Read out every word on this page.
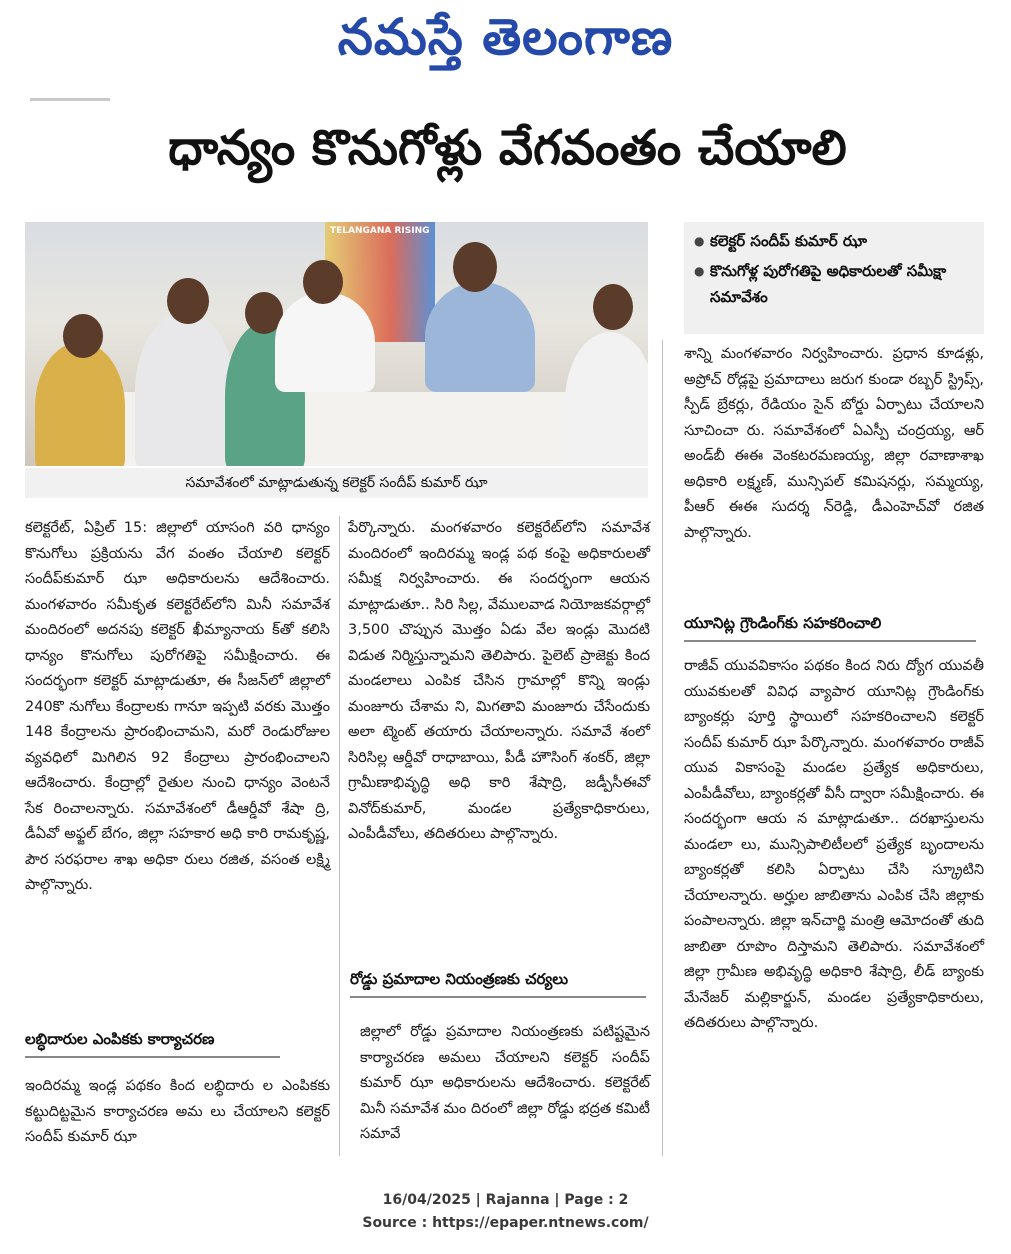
నమస్తే తెలంగాణ
ధాన్యం కొనుగోళ్లు వేగవంతం చేయాలి
TELANGANA RISING
సమావేశంలో మాట్లాడుతున్న కలెక్టర్ సందీప్ కుమార్ ఝా
● కలెక్టర్ సందీప్ కుమార్ ఝా
● కొనుగోళ్ల పురోగతిపై అధికారులతో సమీక్షా సమావేశం

కలెక్టరేట్, ఏప్రిల్ 15: జిల్లాలో యాసంగి వరి ధాన్యం కొనుగోలు ప్రక్రియను వేగ వంతం చేయాలి కలెక్టర్ సందీప్‌కుమార్ ఝా అధికారులను ఆదేశించారు. మంగళవారం సమీకృత కలెక్టరేట్‌లోని మినీ సమావేశ మందిరంలో అదనపు కలెక్టర్ ఖీమ్యానాయ క్‌తో కలిసి ధాన్యం కొనుగోలు పురోగతిపై సమీక్షించారు. ఈ సందర్భంగా కలెక్టర్ మాట్లాడుతూ, ఈ సీజన్‌లో జిల్లాలో 240కొ నుగోలు కేంద్రాలకు గానూ ఇప్పటి వరకు మొత్తం 148 కేంద్రాలను ప్రారంభించామని, మరో రెండురోజుల వ్యవధిలో మిగిలిన 92 కేంద్రాలు ప్రారంభించాలని ఆదేశించారు. కేంద్రాల్లో రైతుల నుంచి ధాన్యం వెంటనే సేక రించాలన్నారు. సమావేశంలో డీఆర్డీవో శేషా ద్రి, డీఏవో అఫ్జల్ బేగం, జిల్లా సహకార అధి కారి రామకృష్ణ, పౌర సరఫరాల శాఖ అధికా రులు రజిత, వసంత లక్ష్మి పాల్గొన్నారు.

లబ్ధిదారుల ఎంపికకు కార్యాచరణ

ఇందిరమ్మ ఇండ్ల పథకం కింద లబ్ధిదారు ల ఎంపికకు కట్టుదిట్టమైన కార్యాచరణ అమ లు చేయాలని కలెక్టర్ సందీప్ కుమార్ ఝా

పేర్కొన్నారు. మంగళవారం కలెక్టరేట్‌లోని సమావేశ మందిరంలో ఇందిరమ్మ ఇండ్ల పథ కంపై అధికారులతో సమీక్ష నిర్వహించారు. ఈ సందర్భంగా ఆయన మాట్లాడుతూ.. సిరి సిల్ల, వేములవాడ నియోజకవర్గాల్లో 3,500 చొప్పున మొత్తం ఏడు వేల ఇండ్లు మొదటి విడుత నిర్మిస్తున్నామని తెలిపారు. పైలెట్ ప్రాజెక్టు కింద మండలాలు ఎంపిక చేసిన గ్రామాల్లో కొన్ని ఇండ్లు మంజూరు చేశామ ని, మిగతావి మంజూరు చేసేందుకు అలా ట్మెంట్ తయారు చేయాలన్నారు. సమావే శంలో సిరిసిల్ల ఆర్డీవో రాధాబాయి, పీడీ హౌసింగ్ శంకర్, జిల్లా గ్రామీణాభివృద్ధి అధి కారి శేషాద్రి, జడ్పీసీఈవో వినోద్‌కుమార్, మండల ప్రత్యేకాధికారులు, ఎంపీడీవోలు, తదితరులు పాల్గొన్నారు.

రోడ్డు ప్రమాదాల నియంత్రణకు చర్యలు

జిల్లాలో రోడ్డు ప్రమాదాల నియంత్రణకు పటిష్టమైన కార్యాచరణ అమలు చేయాలని కలెక్టర్ సందీప్ కుమార్ ఝా అధికారులను ఆదేశించారు. కలెక్టరేట్ మినీ సమావేశ మం దిరంలో జిల్లా రోడ్డు భద్రత కమిటీ సమావే

శాన్ని మంగళవారం నిర్వహించారు. ప్రధాన కూడళ్లు, అప్రోచ్ రోడ్లపై ప్రమాదాలు జరుగ కుండా రబ్బర్ స్ట్రిప్స్, స్పీడ్ బ్రేకర్లు, రేడియం సైన్ బోర్డు ఏర్పాటు చేయాలని సూచించా రు. సమావేశంలో ఏఎస్పీ చంద్రయ్య, ఆర్ అండ్‌బీ ఈఈ వెంకటరమణయ్య, జిల్లా రవాణాశాఖ అధికారి లక్ష్మణ్, మున్సిపల్ కమిషనర్లు, సమ్మయ్య, పీఆర్ ఈఈ సుదర్శ న్‌రెడ్డి, డీఎంహెచ్‌వో రజిత పాల్గొన్నారు.

యూనిట్ల గ్రౌండింగ్‌కు సహకరించాలి

రాజీవ్ యువవికాసం పథకం కింద నిరు ద్యోగ యువతీ యువకులతో వివిధ వ్యాపార యూనిట్ల గ్రౌండింగ్‌కు బ్యాంకర్లు పూర్తి స్థాయిలో సహకరించాలని కలెక్టర్ సందీప్ కుమార్ ఝా పేర్కొన్నారు. మంగళవారం రాజీవ్ యువ వికాసంపై మండల ప్రత్యేక అధికారులు, ఎంపీడీవోలు, బ్యాంకర్లతో వీసీ ద్వారా సమీక్షించారు. ఈ సందర్భంగా ఆయ న మాట్లాడుతూ.. దరఖాస్తులను మండలా లు, మున్సిపాలిటీలలో ప్రత్యేక బృందాలను బ్యాంకర్లతో కలిసి ఏర్పాటు చేసి స్క్రూటిని చేయాలన్నారు. అర్హుల జాబితాను ఎంపిక చేసి జిల్లాకు పంపాలన్నారు. జిల్లా ఇన్‌చార్జి మంత్రి ఆమోదంతో తుది జాబితా రూపొం దిస్తామని తెలిపారు. సమావేశంలో జిల్లా గ్రామీణ అభివృద్ధి అధికారి శేషాద్రి, లీడ్ బ్యాంకు మేనేజర్ మల్లికార్జున్, మండల ప్రత్యేకాధికారులు, తదితరులు పాల్గొన్నారు.

16/04/2025 | Rajanna | Page : 2
Source : https://epaper.ntnews.com/
